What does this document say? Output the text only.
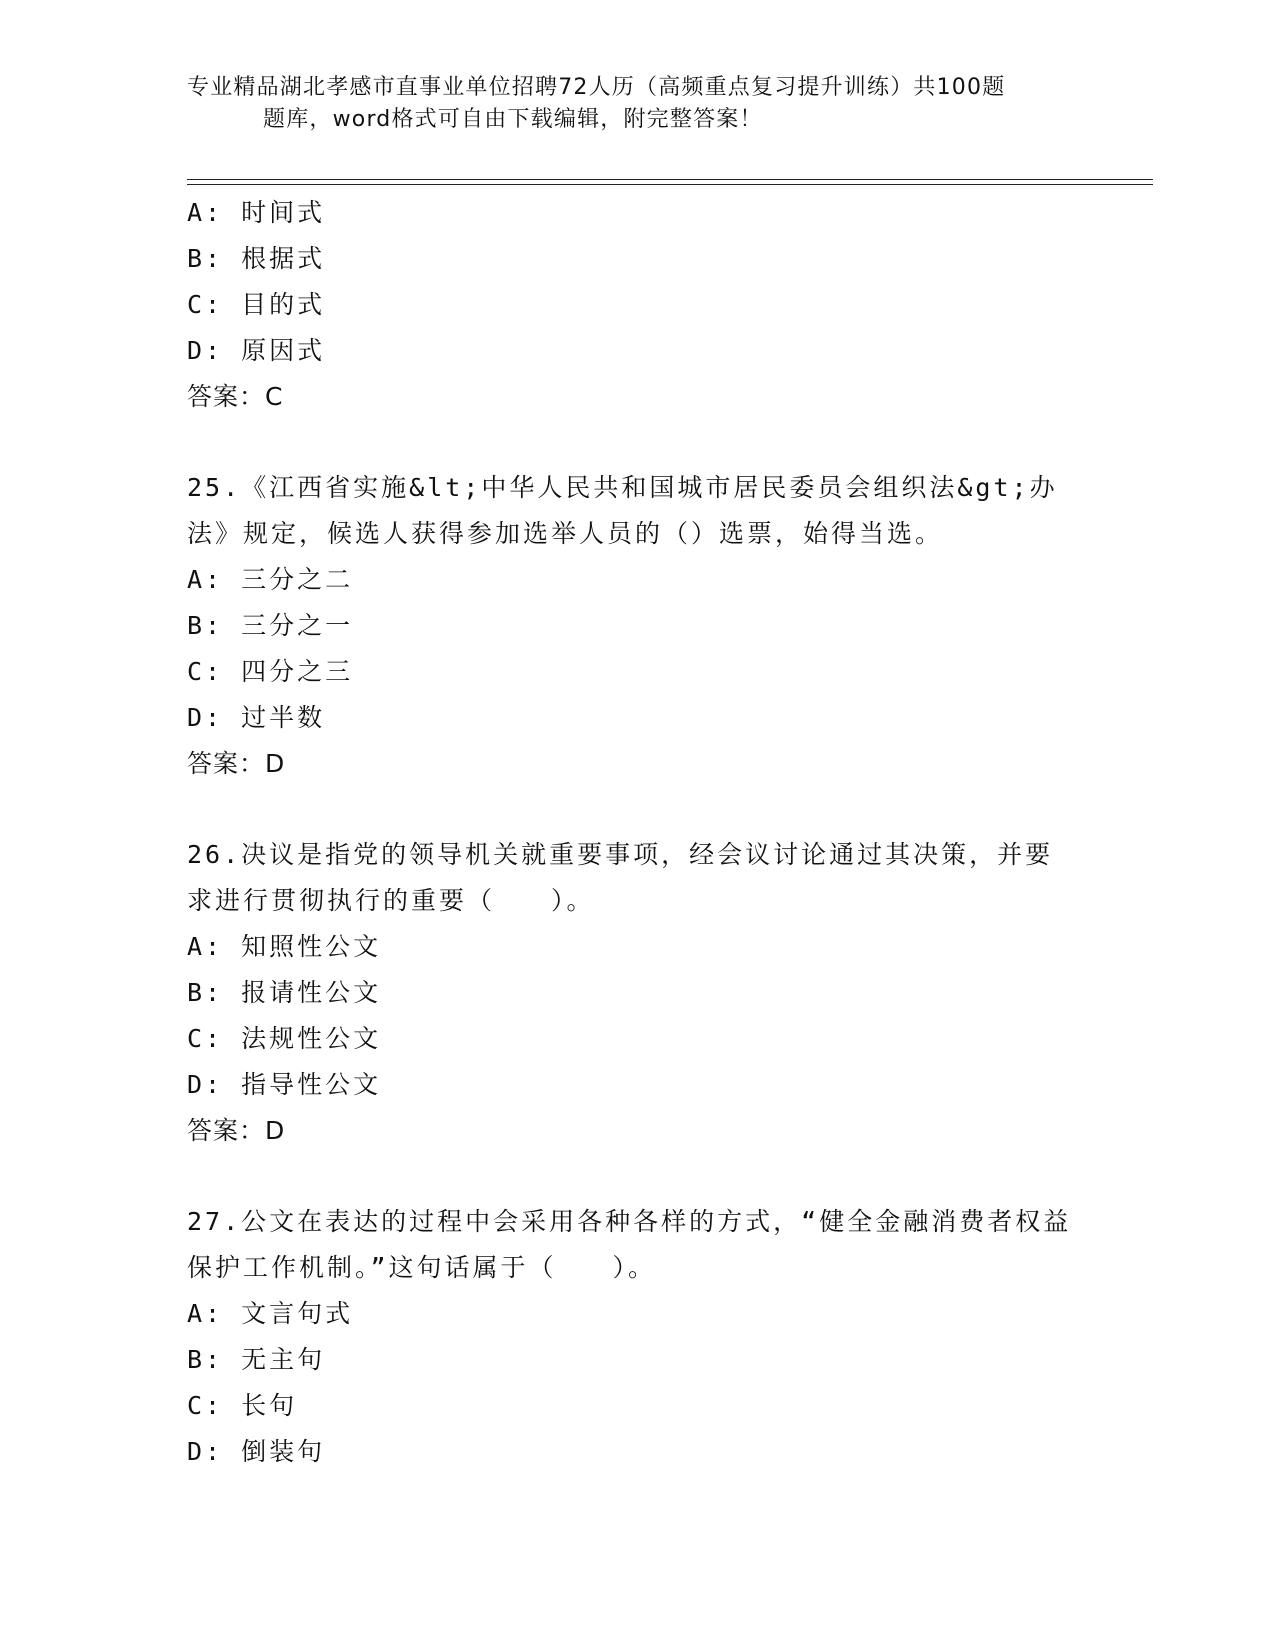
专业精品湖北孝感市直事业单位招聘72人历（高频重点复习提升训练）共100题
题库，word格式可自由下载编辑，附完整答案！
A: 时间式
B: 根据式
C: 目的式
D: 原因式
答案：C
25.《江西省实施&lt;中华人民共和国城市居民委员会组织法&gt;办法》规定，候选人获得参加选举人员的（）选票，始得当选。
A: 三分之二
B: 三分之一
C: 四分之三
D: 过半数
答案：D
26.决议是指党的领导机关就重要事项，经会议讨论通过其决策，并要求进行贯彻执行的重要（　　）。
A: 知照性公文
B: 报请性公文
C: 法规性公文
D: 指导性公文
答案：D
27.公文在表达的过程中会采用各种各样的方式，“健全金融消费者权益保护工作机制。”这句话属于（　　）。
A: 文言句式
B: 无主句
C: 长句
D: 倒装句
